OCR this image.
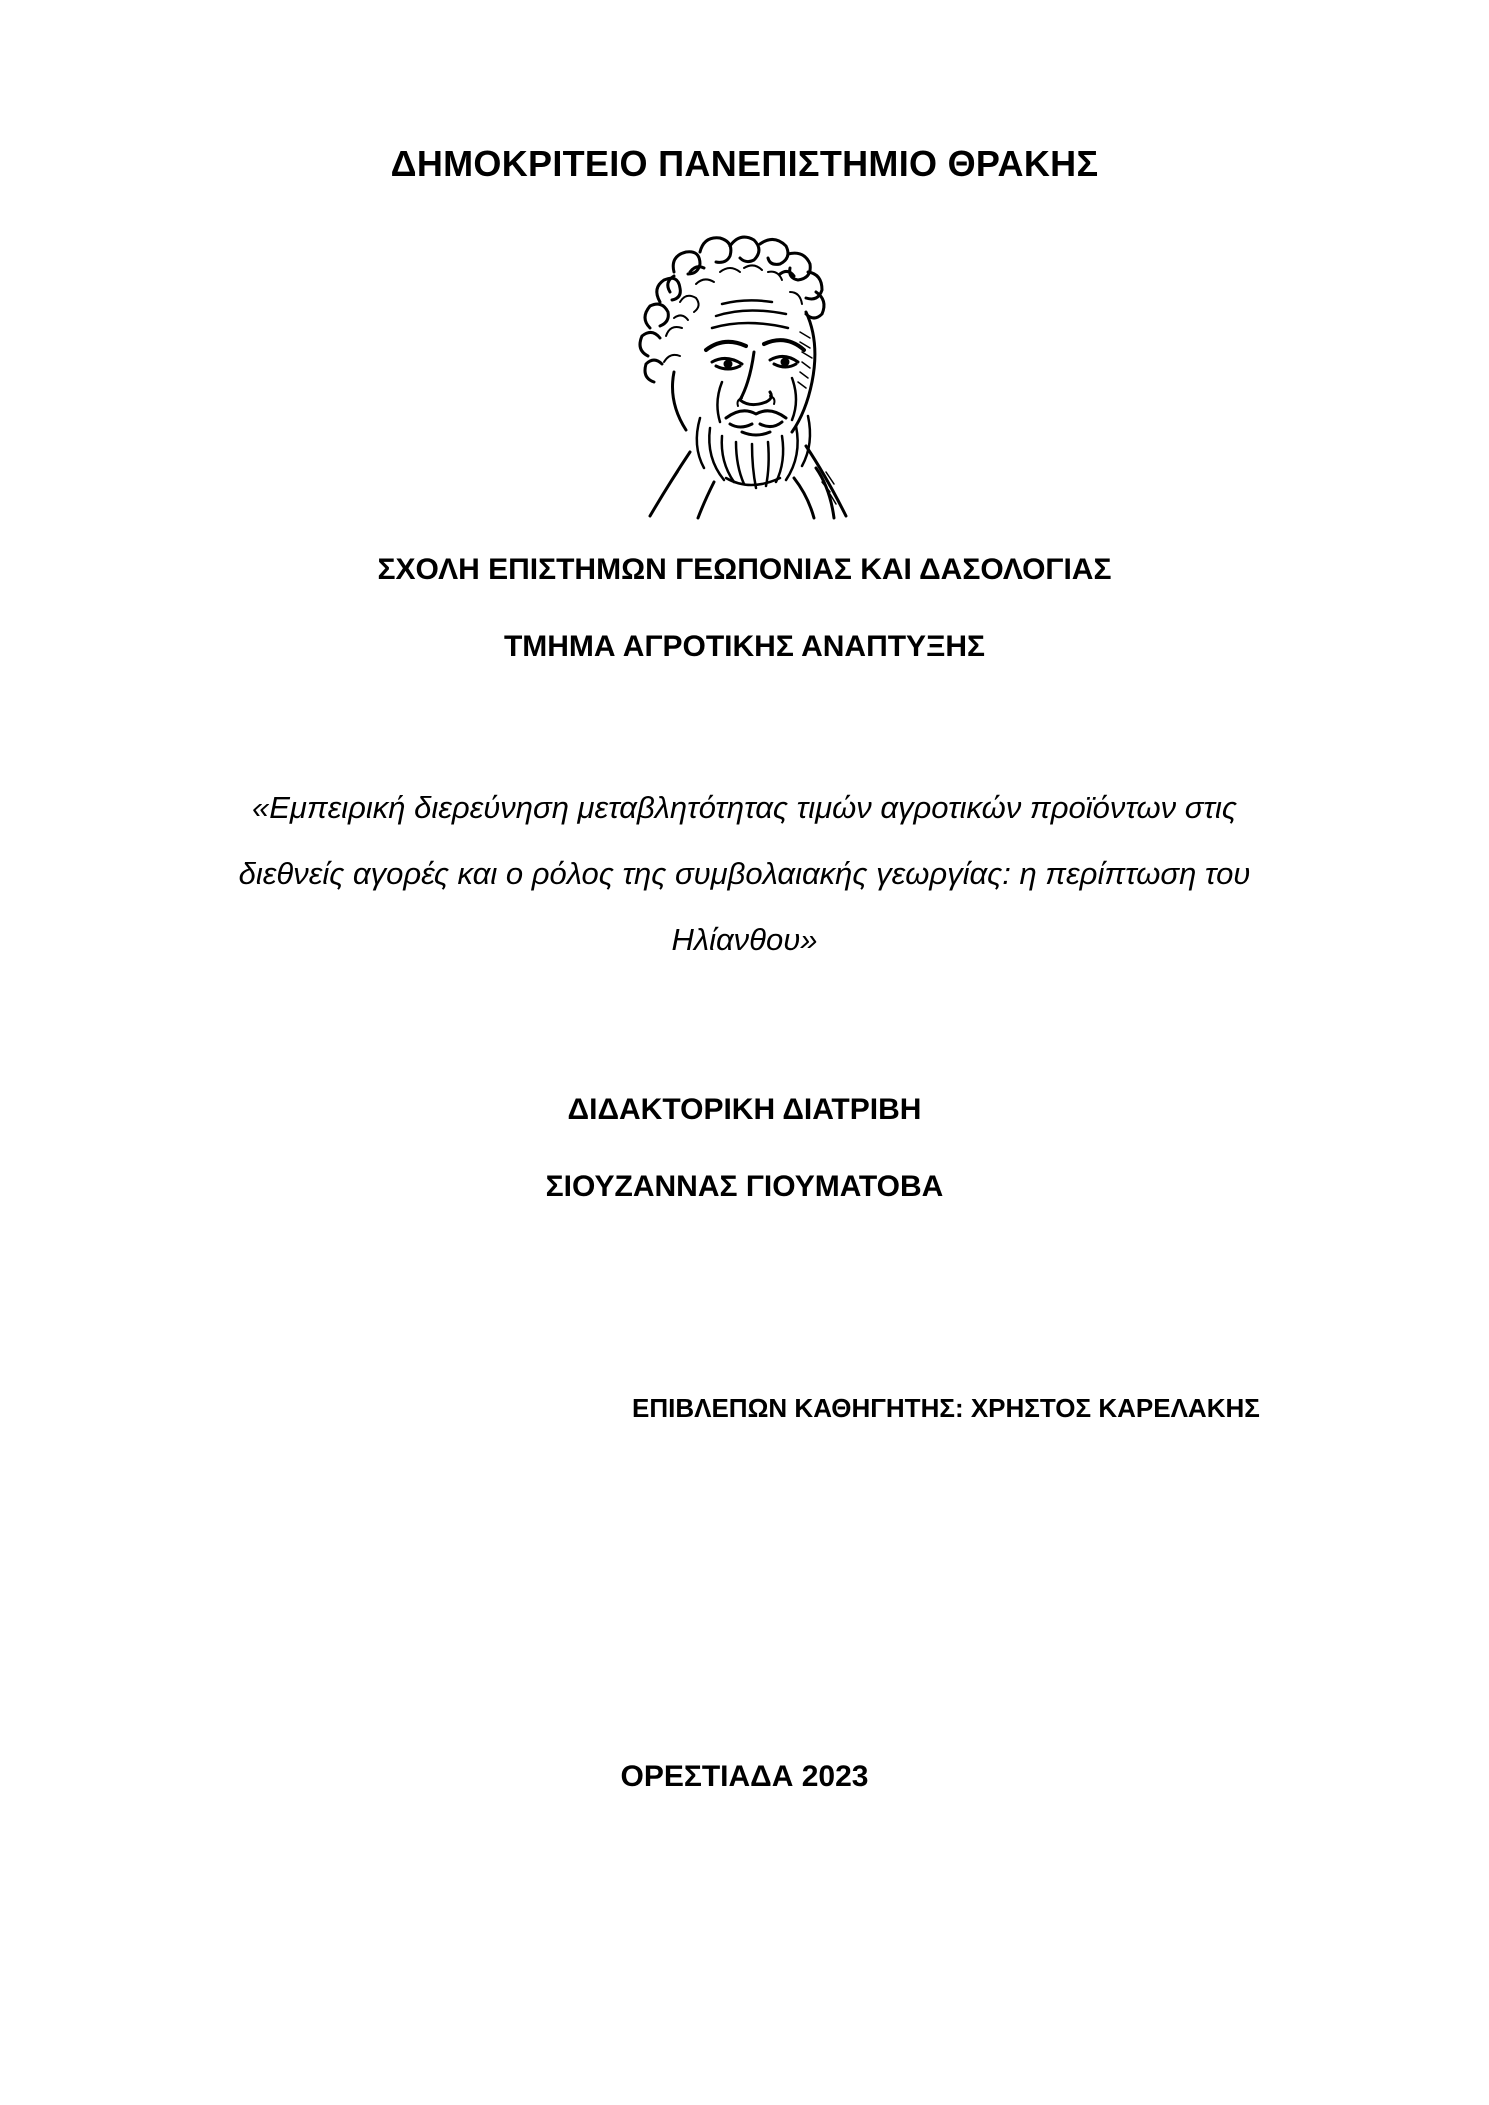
ΔΗΜΟΚΡΙΤΕΙΟ ΠΑΝΕΠΙΣΤΗΜΙΟ ΘΡΑΚΗΣ
ΣΧΟΛΗ ΕΠΙΣΤΗΜΩΝ ΓΕΩΠΟΝΙΑΣ ΚΑΙ ΔΑΣΟΛΟΓΙΑΣ
ΤΜΗΜΑ ΑΓΡΟΤΙΚΗΣ ΑΝΑΠΤΥΞΗΣ
«Εμπειρική διερεύνηση μεταβλητότητας τιμών αγροτικών προϊόντων στις
διεθνείς αγορές και ο ρόλος της συμβολαιακής γεωργίας: η περίπτωση του
Ηλίανθου»
ΔΙΔΑΚΤΟΡΙΚΗ ΔΙΑΤΡΙΒΗ
ΣΙΟΥΖΑΝΝΑΣ ΓΙΟΥΜΑΤΟΒΑ
ΕΠΙΒΛΕΠΩΝ ΚΑΘΗΓΗΤΗΣ: ΧΡΗΣΤΟΣ ΚΑΡΕΛΑΚΗΣ
ΟΡΕΣΤΙΑΔΑ 2023
